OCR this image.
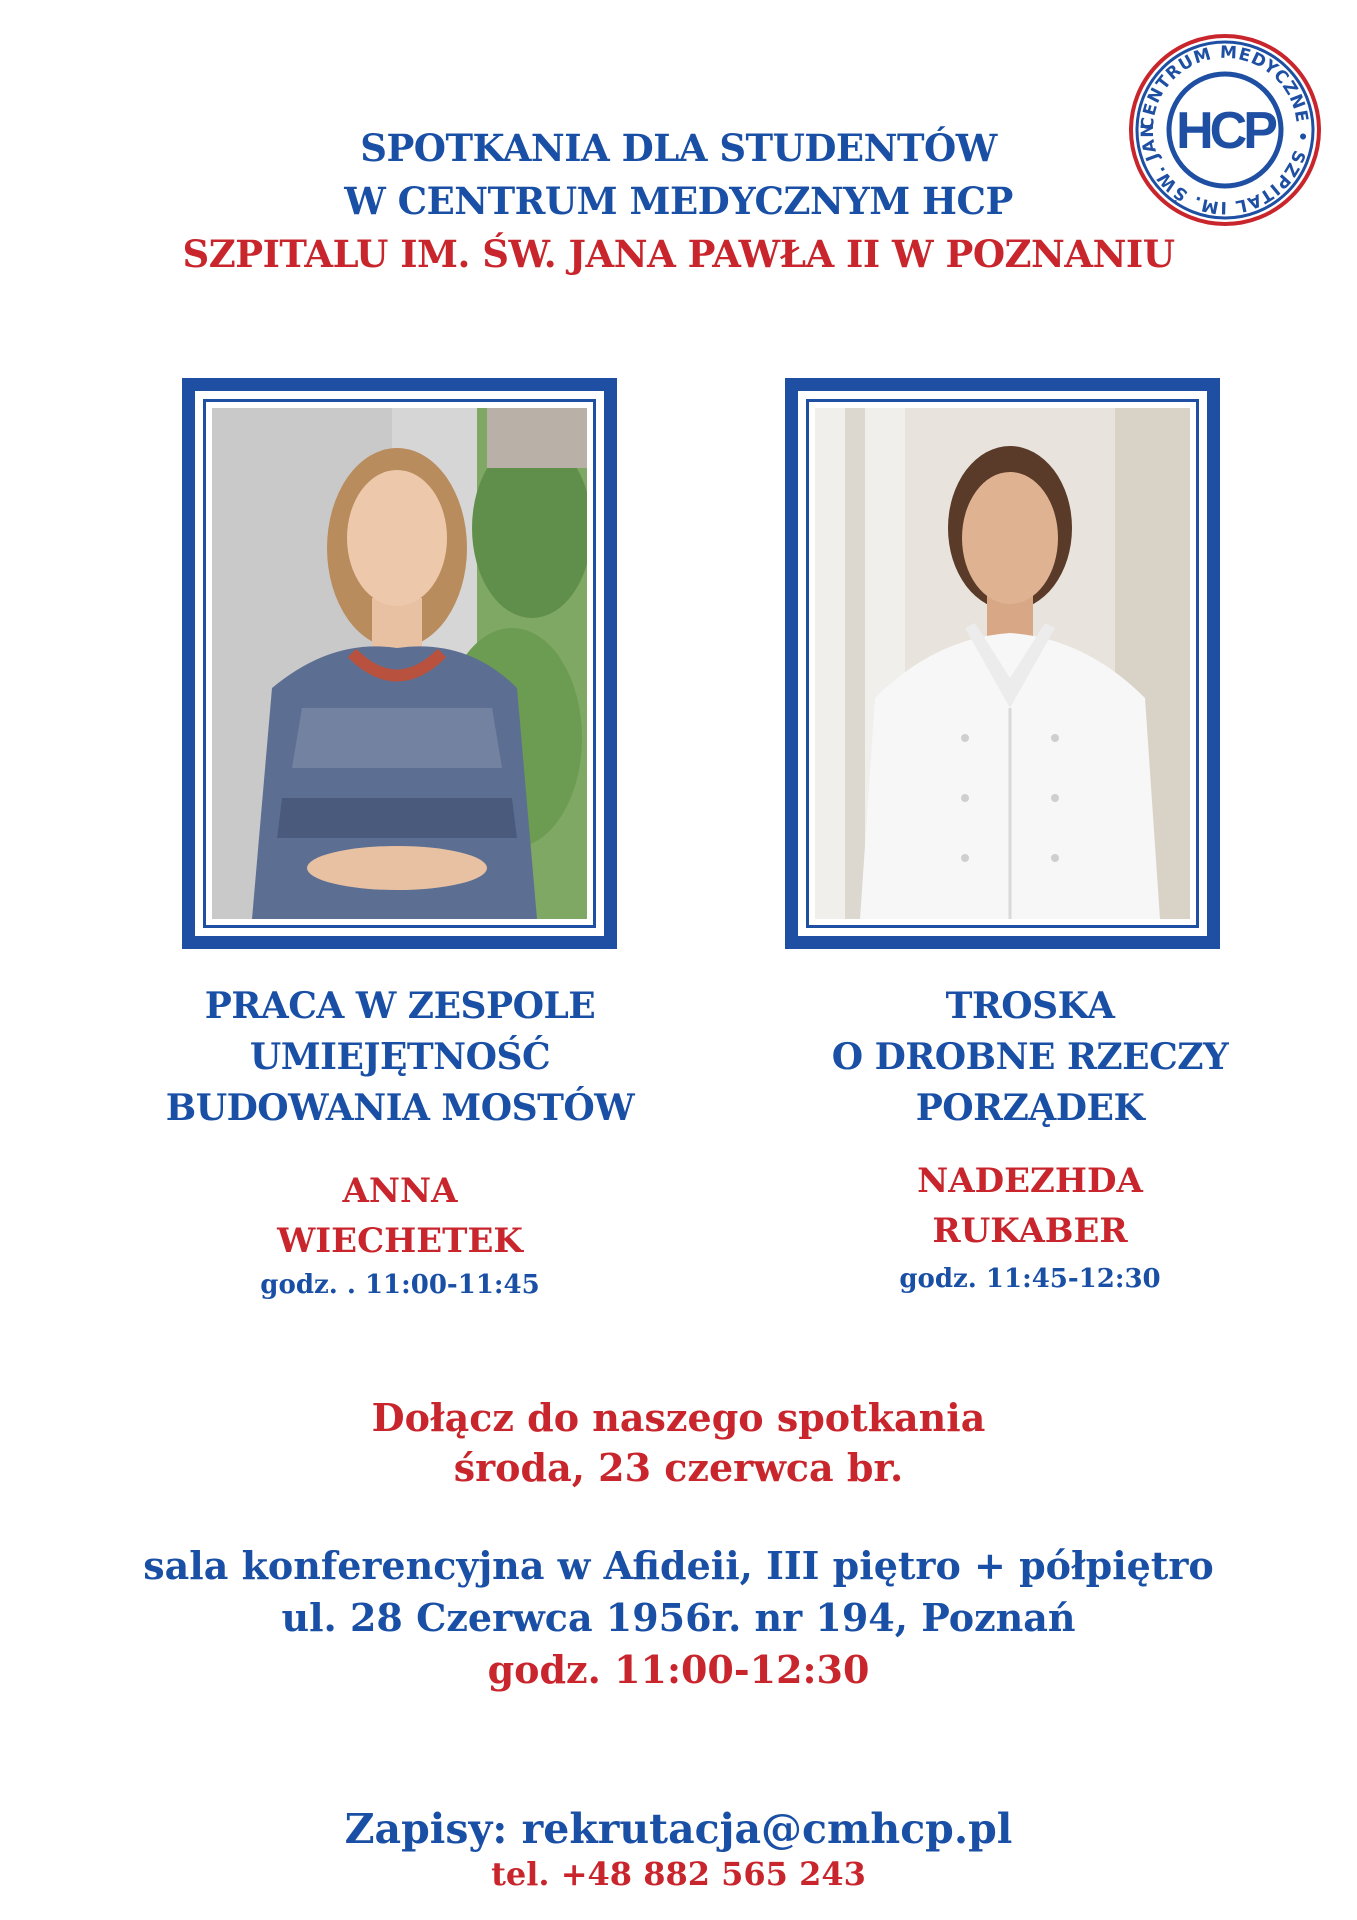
SPOTKANIA DLA STUDENTÓW
W CENTRUM MEDYCZNYM HCP
SZPITALU IM. ŚW. JANA PAWŁA II W POZNANIU
CENTRUM MEDYCZNE • SZPITAL IM. ŚW. JAN HCP
PRACA W ZESPOLE
UMIEJĘTNOŚĆ
BUDOWANIA MOSTÓW
ANNA
WIECHETEK
godz. . 11:00-11:45
TROSKA
O DROBNE RZECZY
PORZĄDEK
NADEZHDA
RUKABER
godz. 11:45-12:30
Dołącz do naszego spotkania
środa, 23 czerwca br.
sala konferencyjna w Afideii, III piętro + półpiętro
ul. 28 Czerwca 1956r. nr 194, Poznań
godz. 11:00-12:30
Zapisy: rekrutacja@cmhcp.pl
tel. +48 882 565 243
